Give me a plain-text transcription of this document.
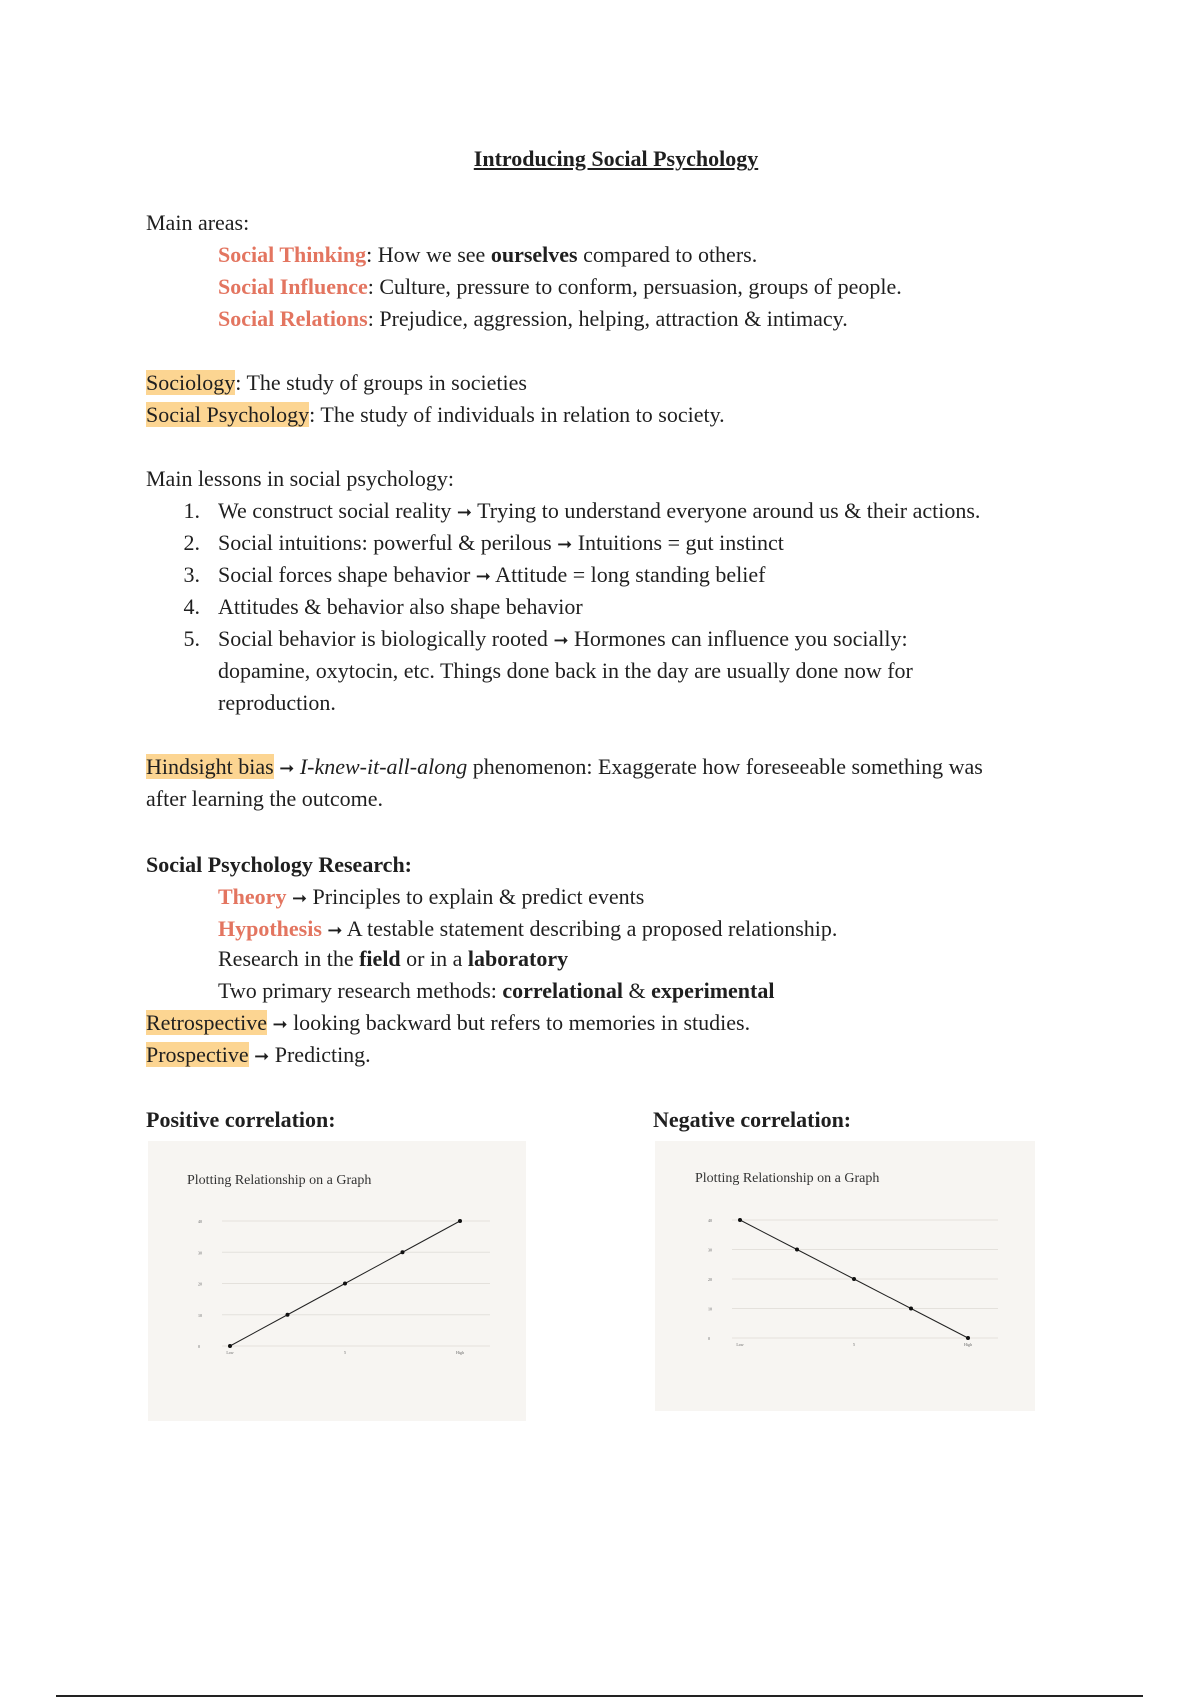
Introducing Social Psychology
Main areas:
Social Thinking: How we see ourselves compared to others.
Social Influence: Culture, pressure to conform, persuasion, groups of people.
Social Relations: Prejudice, aggression, helping, attraction & intimacy.
Sociology: The study of groups in societies
Social Psychology: The study of individuals in relation to society.
Main lessons in social psychology:
1. We construct social reality ➞ Trying to understand everyone around us & their actions.
2. Social intuitions: powerful & perilous ➞ Intuitions = gut instinct
3. Social forces shape behavior ➞ Attitude = long standing belief
4. Attitudes & behavior also shape behavior
5. Social behavior is biologically rooted ➞ Hormones can influence you socially:
dopamine, oxytocin, etc. Things done back in the day are usually done now for
reproduction.
Hindsight bias ➞ I-knew-it-all-along phenomenon: Exaggerate how foreseeable something was
after learning the outcome.
Social Psychology Research:
Theory ➞ Principles to explain & predict events
Hypothesis ➞ A testable statement describing a proposed relationship.
Research in the field or in a laboratory
Two primary research methods: correlational & experimental
Retrospective ➞ looking backward but refers to memories in studies.
Prospective ➞ Predicting.
Positive correlation:	Negative correlation:
Plotting Relationship on a Graph
0
10
20
30
40
Low	5	High
Plotting Relationship on a Graph
0
10
20
30
40
Low	5	High
